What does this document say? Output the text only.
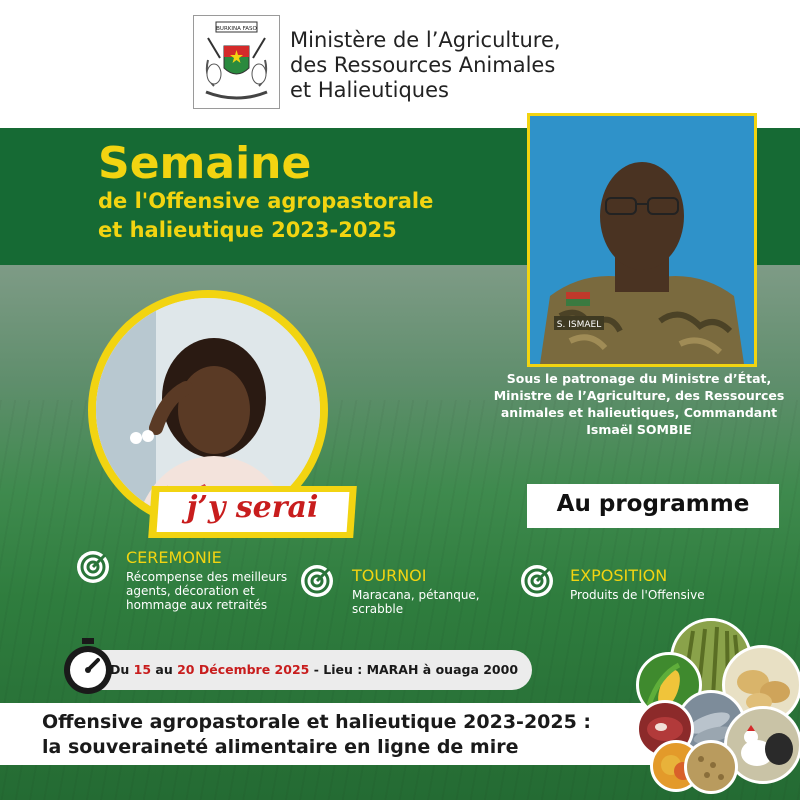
BURKINA FASO Ministère de l’Agriculture,
des Ressources Animales
et Halieutiques
Semaine
de l'Offensive agropastorale
et halieutique 2023-2025
S. ISMAEL
Sous le patronage du Ministre d’État,
Ministre de l’Agriculture, des Ressources
animales et halieutiques, Commandant
Ismaël SOMBIE
j’y serai	Au programme
CEREMONIE
Récompense des meilleurs
agents, décoration et
hommage aux retraités
TOURNOI
Maracana, pétanque,
scrabble
EXPOSITION
Produits de l'Offensive
Du 15 au 20 Décembre 2025 - Lieu : MARAH à ouaga 2000
Offensive agropastorale et halieutique 2023-2025 :
la souveraineté alimentaire en ligne de mire
